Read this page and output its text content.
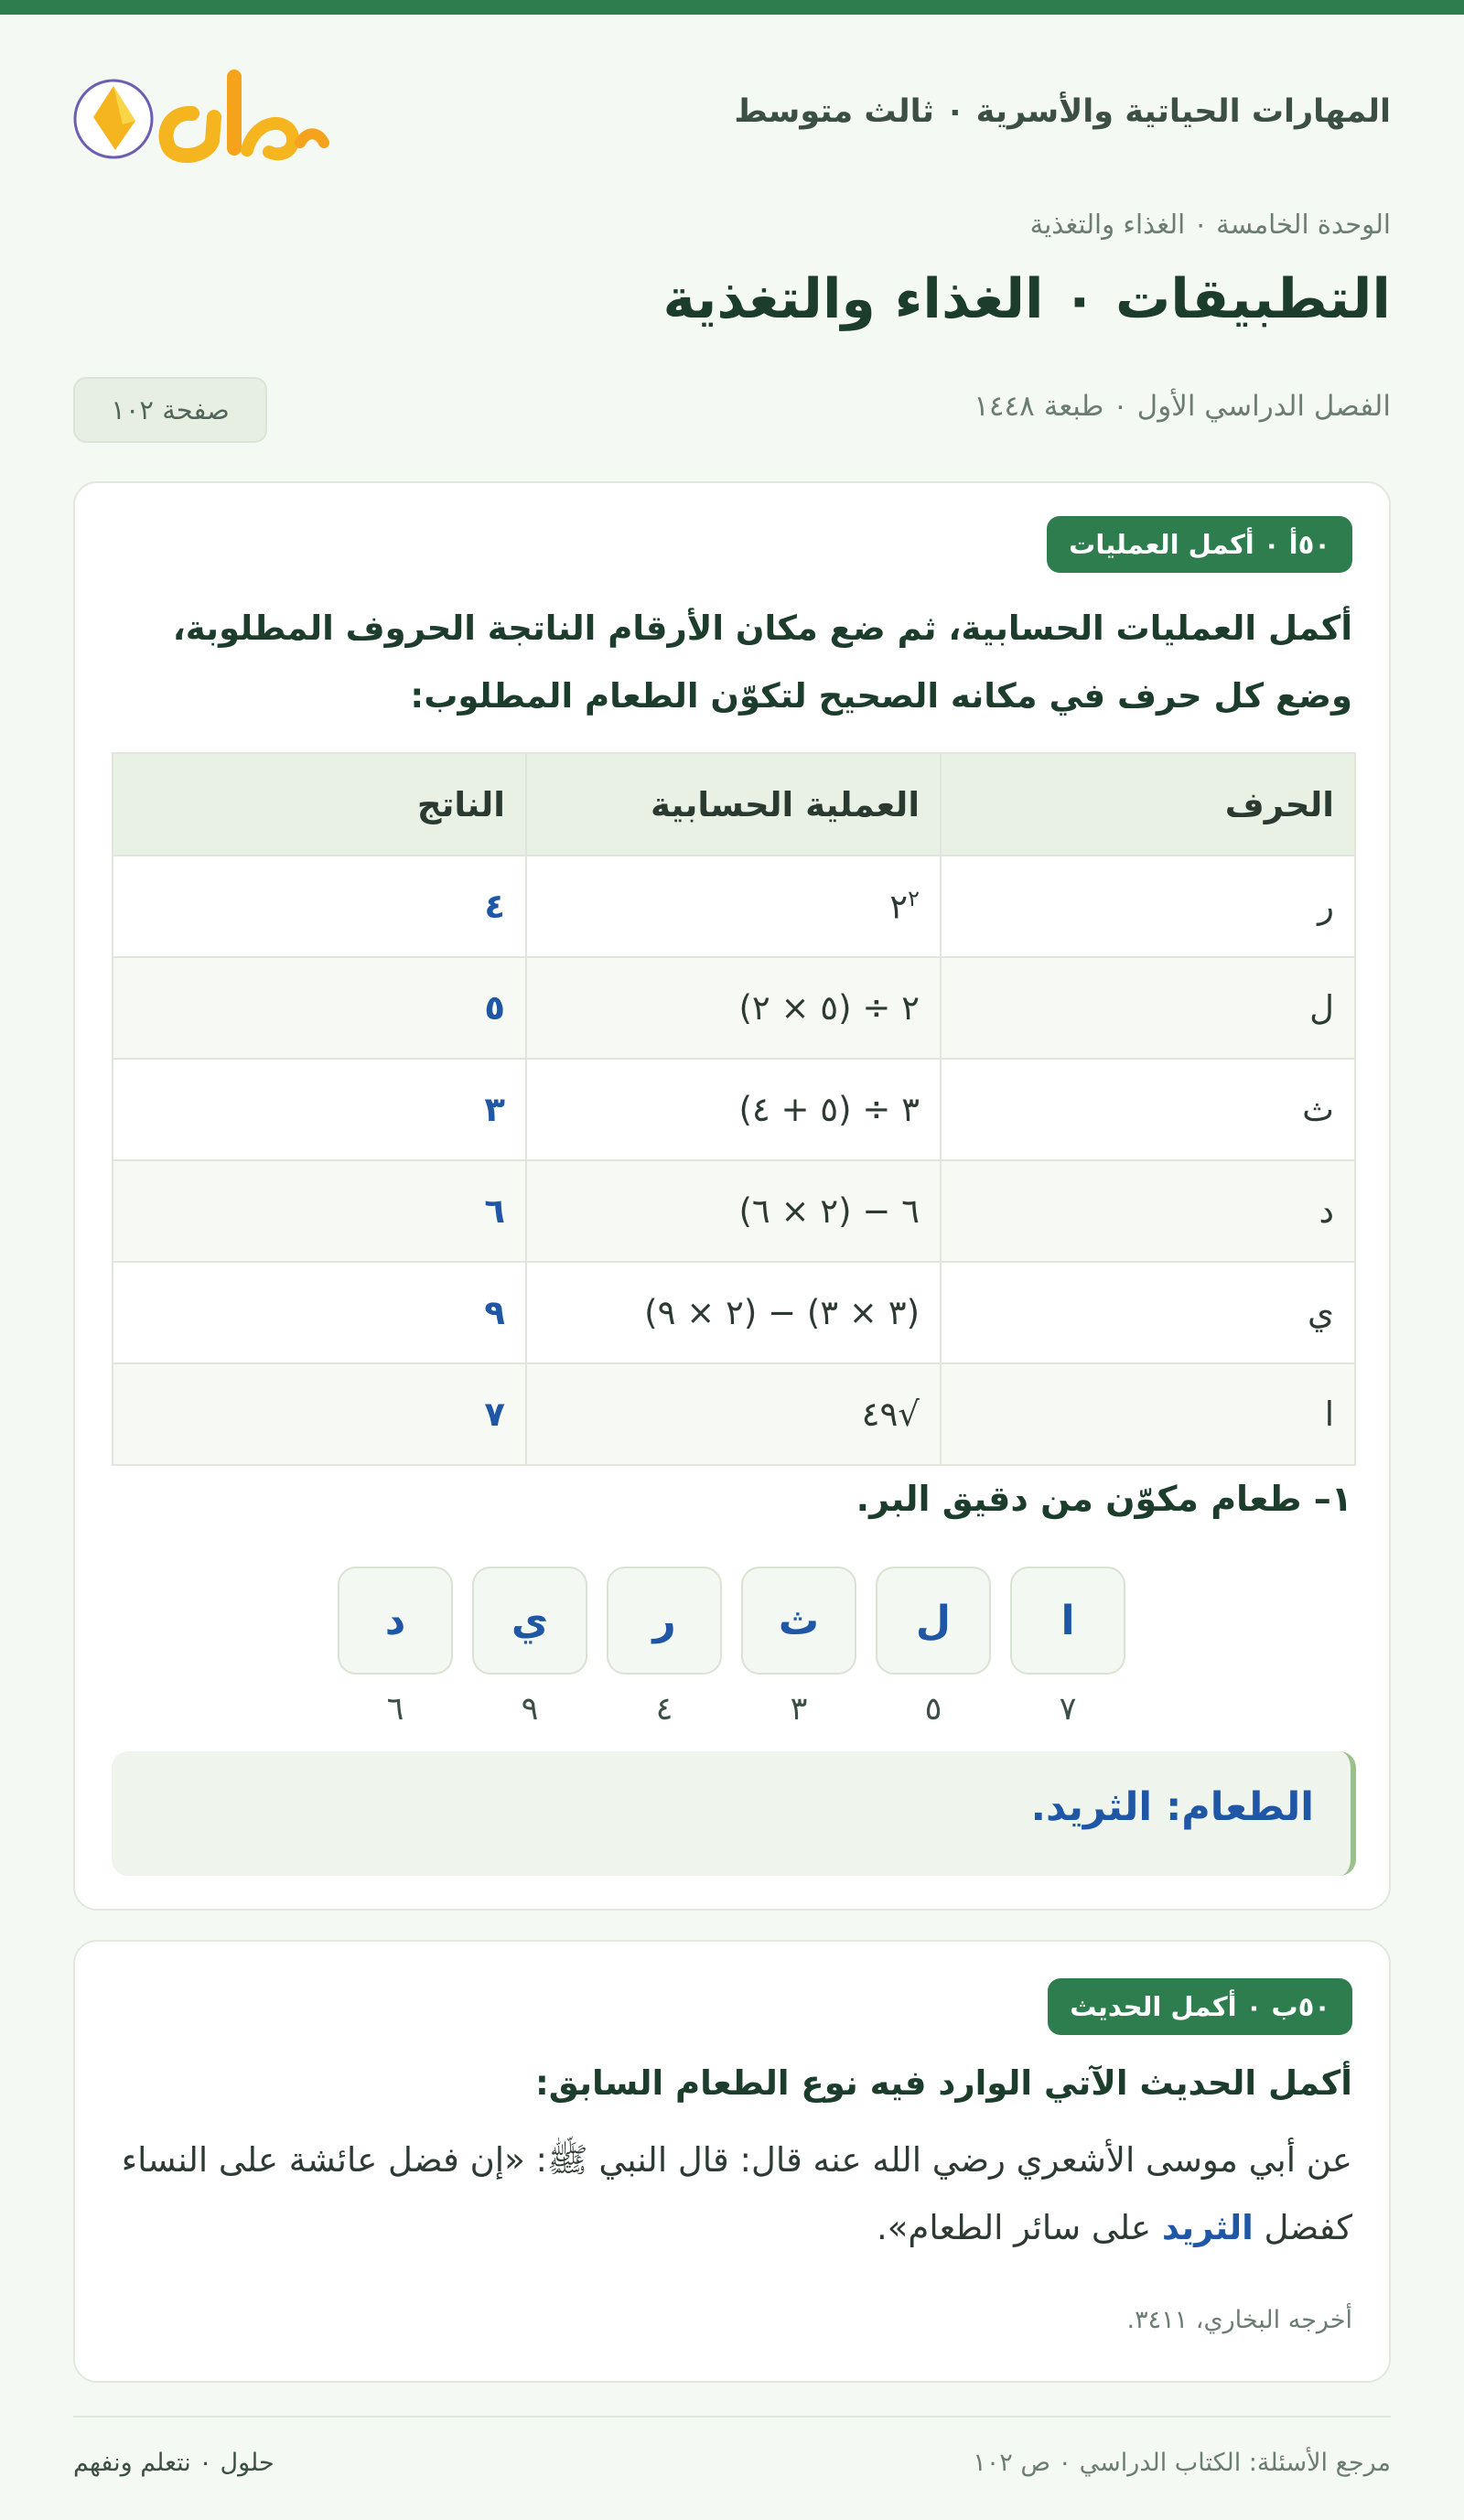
المهارات الحياتية والأسرية ٠ ثالث متوسط
الوحدة الخامسة ٠ الغذاء والتغذية
التطبيقات ٠ الغذاء والتغذية
الفصل الدراسي الأول ٠ طبعة ١٤٤٨
صفحة ١٠٢
٥٠أ ٠ أكمل العمليات
أكمل العمليات الحسابية، ثم ضع مكان الأرقام الناتجة الحروف المطلوبة، وضع كل حرف في مكانه الصحيح لتكوّن الطعام المطلوب:
الحرف	العملية الحسابية	الناتج
ر	$٢^٢$	٤
ل	٢ ÷ (٥ × ٢)	٥
ث	٣ ÷ (٥ + ٤)	٣
د	٦ − (٢ × ٦)	٦
ي	(٣ × ٣) − (٢ × ٩)	٩
ا	√٤٩	٧
١– طعام مكوّن من دقيق البر.
ا
ل
ث
ر
ي
د
٧
٥
٣
٤
٩
٦
الطعام: الثريد.
٥٠ب ٠ أكمل الحديث
أكمل الحديث الآتي الوارد فيه نوع الطعام السابق:
عن أبي موسى الأشعري رضي الله عنه قال: قال النبي ﷺ: «إن فضل عائشة على النساء كفضل الثريد على سائر الطعام».
أخرجه البخاري، ٣٤١١.
مرجع الأسئلة: الكتاب الدراسي ٠ ص ١٠٢
حلول ٠ نتعلم ونفهم
